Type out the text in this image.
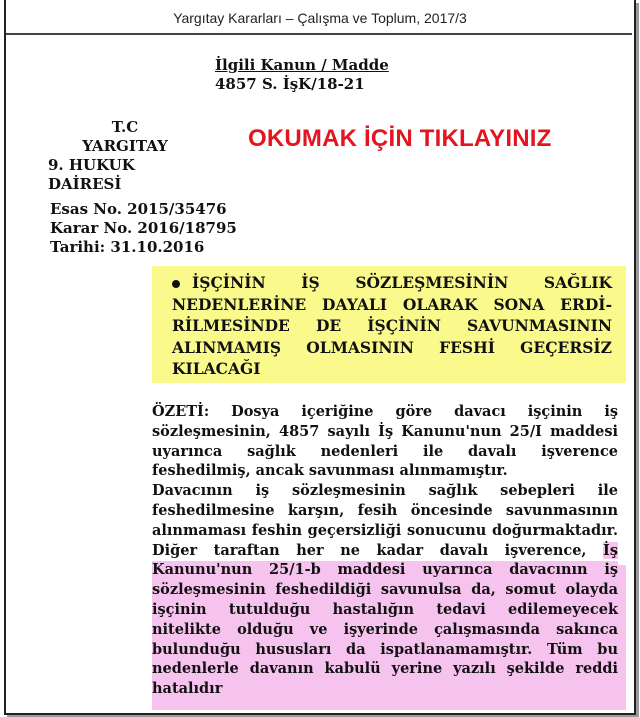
Yargıtay Kararları – Çalışma ve Toplum, 2017/3
İlgili Kanun / Madde
4857 S. İşK/18-21
T.C
YARGITAY
9. HUKUK DAİRESİ
OKUMAK İÇİN TIKLAYINIZ
Esas No. 2015/35476
Karar No. 2016/18795
Tarihi: 31.10.2016
İŞÇİNİN İŞ SÖZLEŞMESİNİN SAĞLIK NEDENLERİNE DAYALI OLARAK SONA ERDİRİLMESİNDE DE İŞÇİNİN SAVUNMASININ ALINMAMIŞ OLMASININ FESHİ GEÇERSİZ KILACAĞI

ÖZETİ: Dosya içeriğine göre davacı işçinin iş sözleşmesinin, 4857 sayılı İş Kanunu'nun 25/I maddesi uyarınca sağlık nedenleri ile davalı işverence feshedilmiş, ancak savunması alınmamıştır.

Davacının iş sözleşmesinin sağlık sebepleri ile feshedilmesine karşın, fesih öncesinde savunmasının alınmaması feshin geçersizliği sonucunu doğurmaktadır. Diğer taraftan her ne kadar davalı işverence, İş Kanunu'nun 25/1-b maddesi uyarınca davacının iş sözleşmesinin feshedildiği savunulsa da, somut olayda işçinin tutulduğu hastalığın tedavi edilemeyecek nitelikte olduğu ve işyerinde çalışmasında sakınca bulunduğu hususları da ispatlanamamıştır. Tüm bu nedenlerle davanın kabulü yerine yazılı şekilde reddi hatalıdır
